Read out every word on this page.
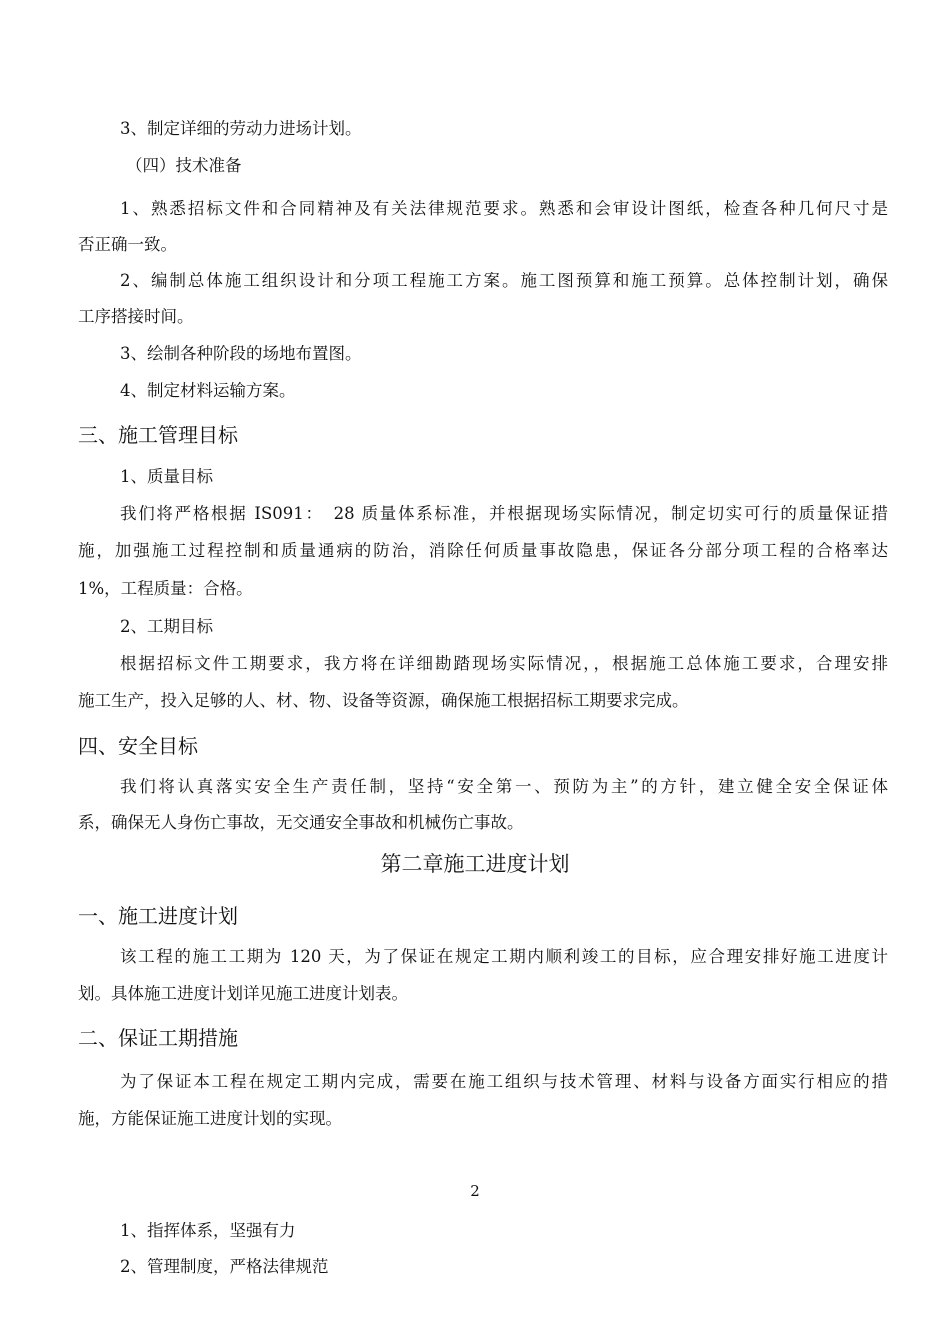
3、制定详细的劳动力进场计划。
（四）技术准备
1、熟悉招标文件和合同精神及有关法律规范要求。熟悉和会审设计图纸，检查各种几何尺寸是
否正确一致。
2、编制总体施工组织设计和分项工程施工方案。施工图预算和施工预算。总体控制计划，确保
工序搭接时间。
3、绘制各种阶段的场地布置图。
4、制定材料运输方案。
三、施工管理目标
1、质量目标
我们将严格根据 IS091：　28 质量体系标准，并根据现场实际情况，制定切实可行的质量保证措
施，加强施工过程控制和质量通病的防治，消除任何质量事故隐患，保证各分部分项工程的合格率达
1%，工程质量：合格。
2、工期目标
根据招标文件工期要求，我方将在详细勘踏现场实际情况，，根据施工总体施工要求，合理安排
施工生产，投入足够的人、材、物、设备等资源，确保施工根据招标工期要求完成。
四、安全目标
我们将认真落实安全生产责任制，坚持“安全第一、预防为主”的方针，建立健全安全保证体
系，确保无人身伤亡事故，无交通安全事故和机械伤亡事故。
第二章施工进度计划
一、施工进度计划
该工程的施工工期为 120 天，为了保证在规定工期内顺利竣工的目标，应合理安排好施工进度计
划。具体施工进度计划详见施工进度计划表。
二、保证工期措施
为了保证本工程在规定工期内完成，需要在施工组织与技术管理、材料与设备方面实行相应的措
施，方能保证施工进度计划的实现。
2
1、指挥体系，坚强有力
2、管理制度，严格法律规范
